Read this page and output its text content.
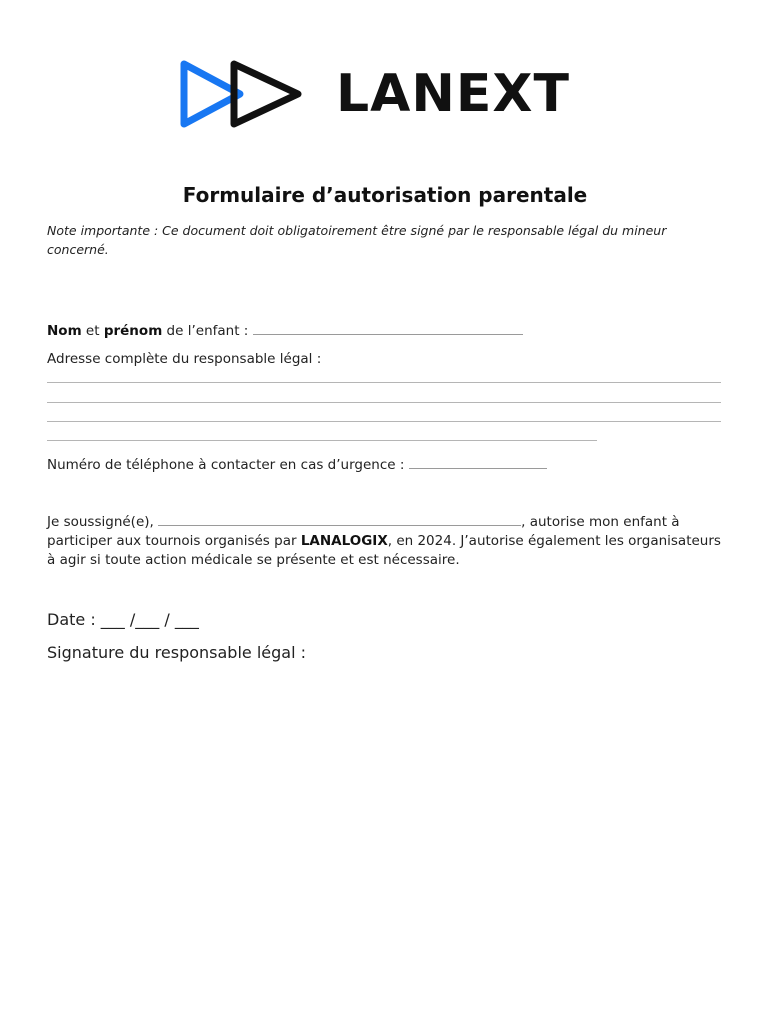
LANEXT
Formulaire d’autorisation parentale
Note importante : Ce document doit obligatoirement être signé par le responsable légal du mineur concerné.
Nom et prénom de l’enfant :
Adresse complète du responsable légal :
Numéro de téléphone à contacter en cas d’urgence :
Je soussigné(e),	, autorise mon enfant à participer aux tournois organisés par LANALOGIX, en 2024. J’autorise également les organisateurs à agir si toute action médicale se présente et est nécessaire.
Date : ___ /___ / ___
Signature du responsable légal :
